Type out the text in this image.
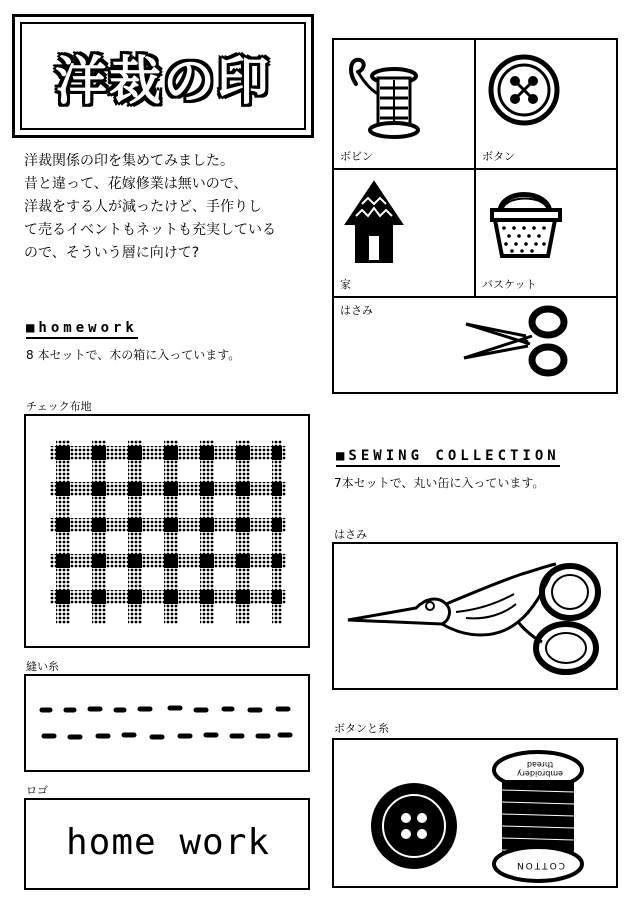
洋裁の印
洋裁関係の印を集めてみました。
昔と違って、花嫁修業は無いので、
洋裁をする人が減ったけど、手作りし
て売るイベントもネットも充実している
ので、そういう層に向けて?
ボビン	ボタン
家	バスケット
はさみ
■homework
8 本セットで、木の箱に入っています。
チェック布地
縫い糸
ロゴ
home work
■SEWING COLLECTION
7本セットで、丸い缶に入っています。
はさみ
ボタンと糸
embroidery thread
COTTON
